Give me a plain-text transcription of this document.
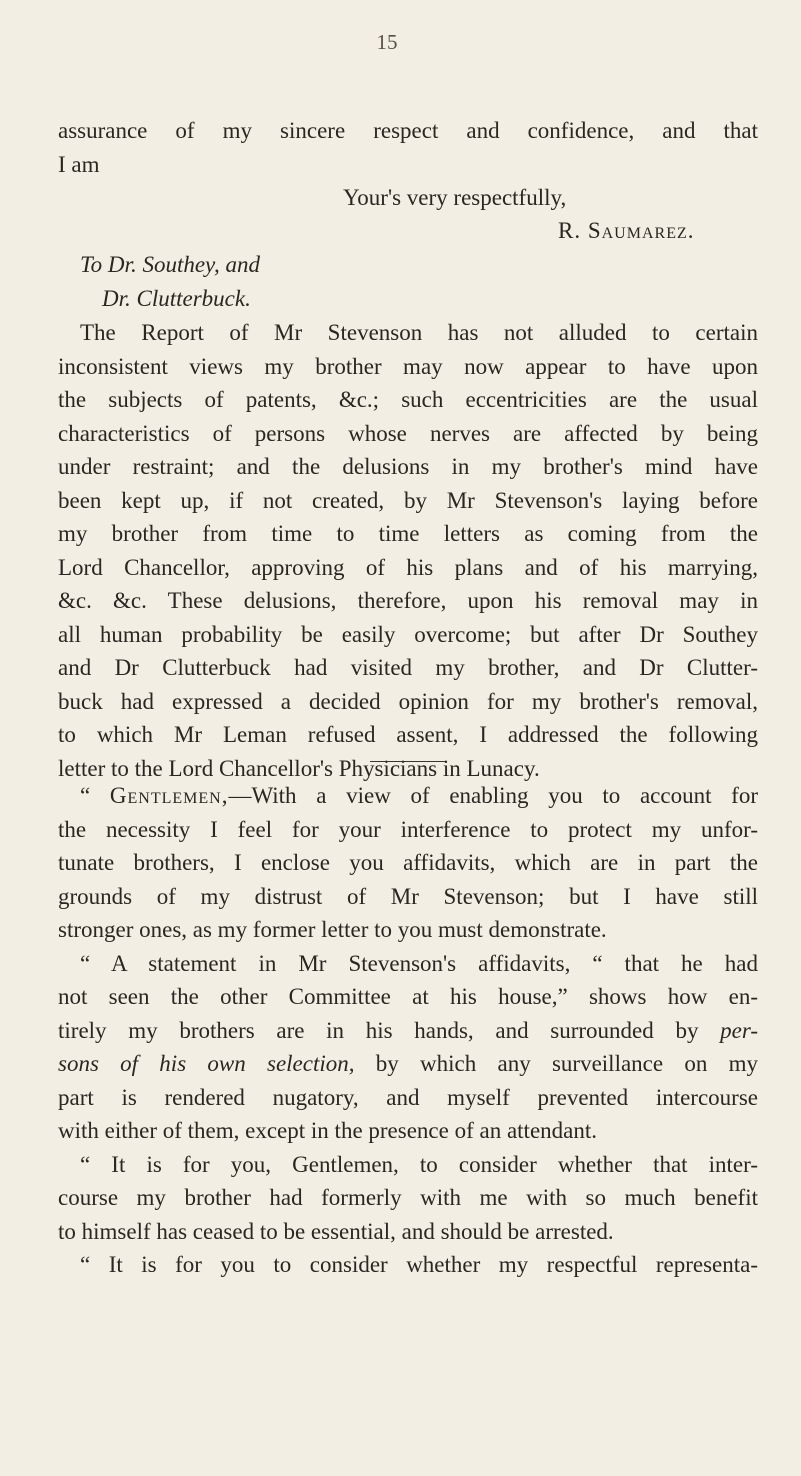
15
assurance of my sincere respect and confidence, and that
I am
Your's very respectfully,
R. Saumarez.
To Dr. Southey, and
Dr. Clutterbuck.
The Report of Mr Stevenson has not alluded to certain
inconsistent views my brother may now appear to have upon
the subjects of patents, &c.; such eccentricities are the usual
characteristics of persons whose nerves are affected by being
under restraint; and the delusions in my brother's mind have
been kept up, if not created, by Mr Stevenson's laying before
my brother from time to time letters as coming from the
Lord Chancellor, approving of his plans and of his marrying,
&c. &c. These delusions, therefore, upon his removal may in
all human probability be easily overcome; but after Dr Southey
and Dr Clutterbuck had visited my brother, and Dr Clutter-
buck had expressed a decided opinion for my brother's removal,
to which Mr Leman refused assent, I addressed the following
letter to the Lord Chancellor's Physicians in Lunacy.
“ Gentlemen,—With a view of enabling you to account for
the necessity I feel for your interference to protect my unfor-
tunate brothers, I enclose you affidavits, which are in part the
grounds of my distrust of Mr Stevenson; but I have still
stronger ones, as my former letter to you must demonstrate.
“ A statement in Mr Stevenson's affidavits, “ that he had
not seen the other Committee at his house,” shows how en-
tirely my brothers are in his hands, and surrounded by per-
sons of his own selection, by which any surveillance on my
part is rendered nugatory, and myself prevented intercourse
with either of them, except in the presence of an attendant.
“ It is for you, Gentlemen, to consider whether that inter-
course my brother had formerly with me with so much benefit
to himself has ceased to be essential, and should be arrested.
“ It is for you to consider whether my respectful representa-
